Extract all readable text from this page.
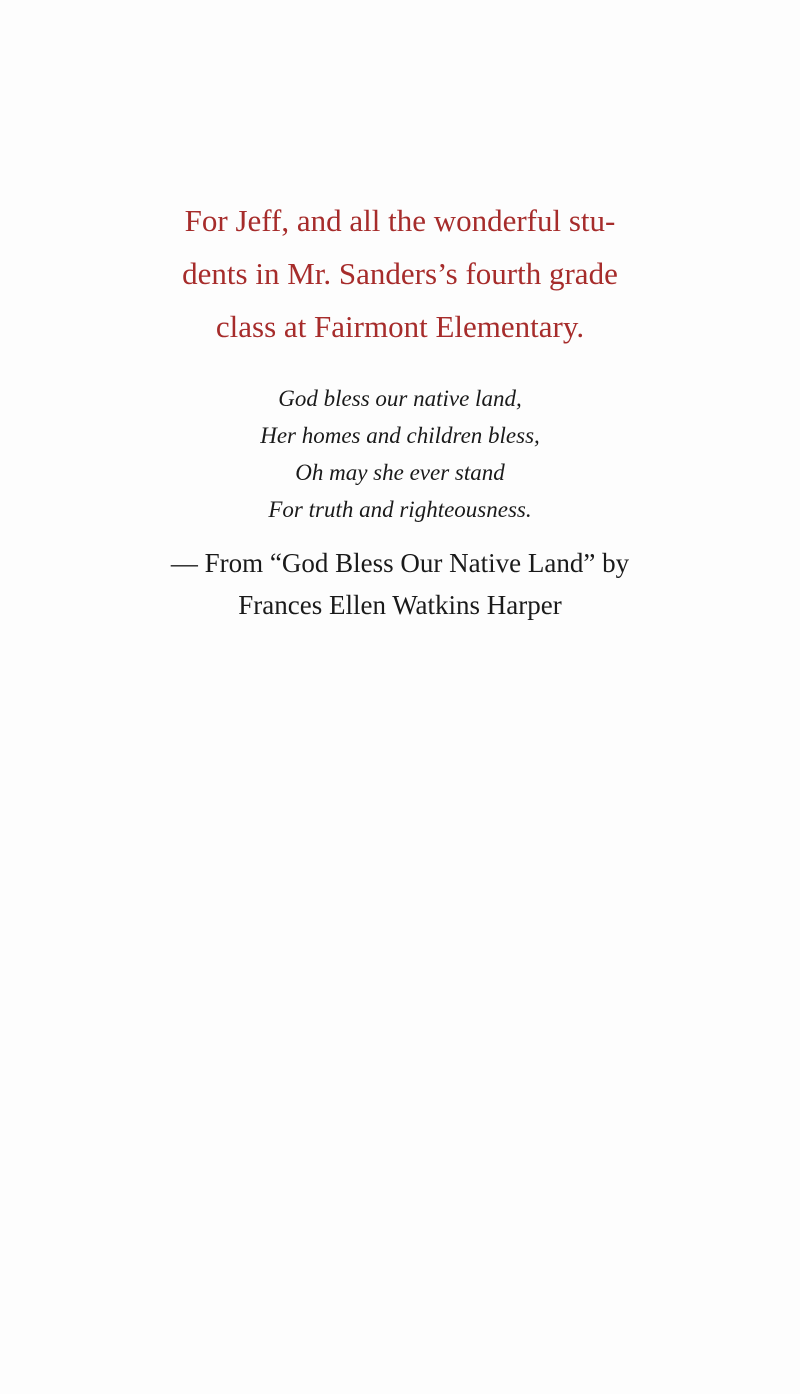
For Jeff, and all the wonderful stu-
dents in Mr. Sanders’s fourth grade
class at Fairmont Elementary.
God bless our native land,
Her homes and children bless,
Oh may she ever stand
For truth and righteousness.
— From “God Bless Our Native Land” by
Frances Ellen Watkins Harper
